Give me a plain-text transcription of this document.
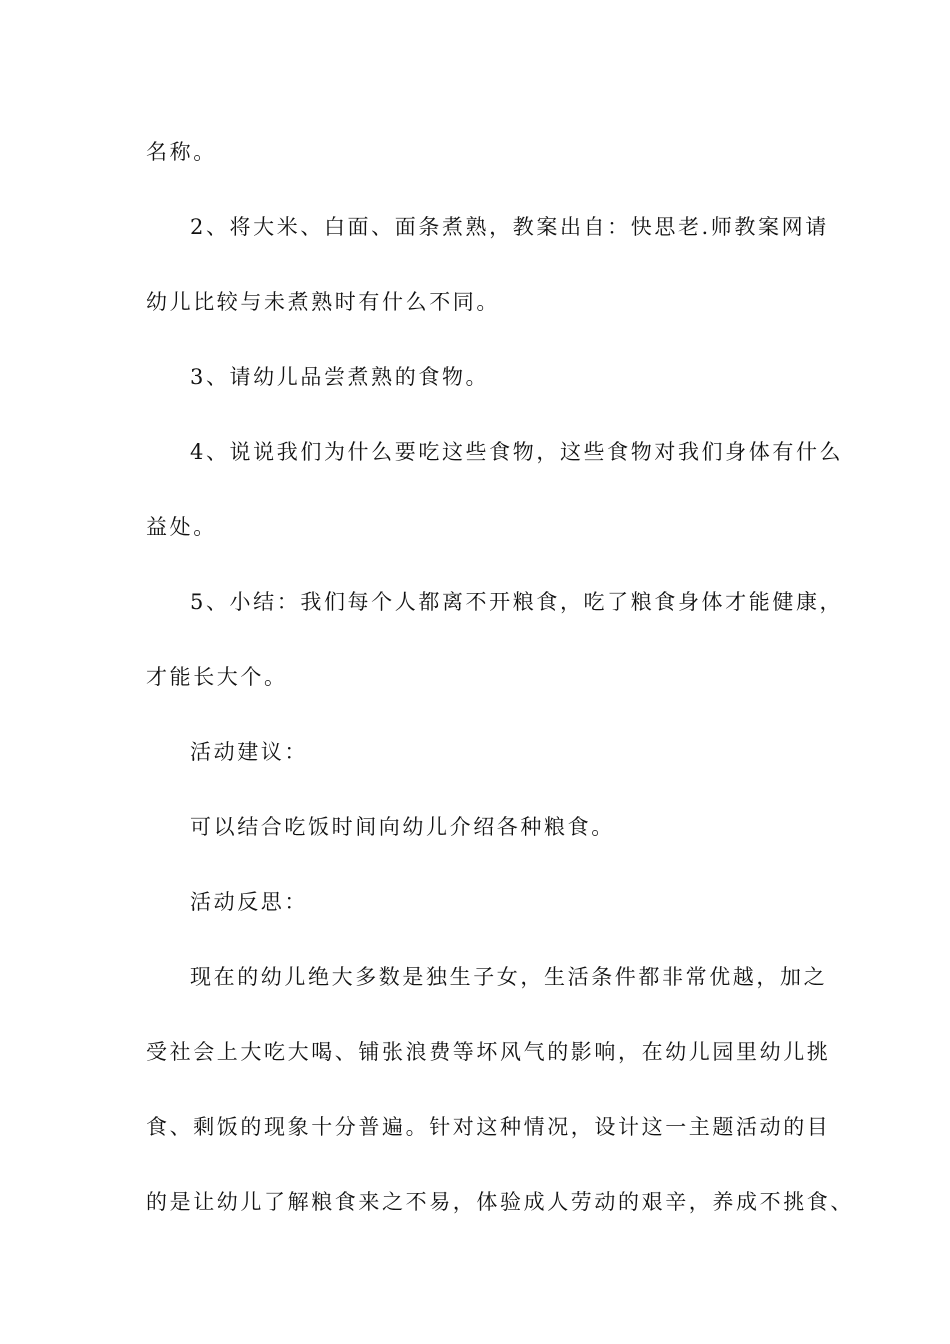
名称。
2、将大米、白面、面条煮熟，教案出自：快思老.师教案网请
幼儿比较与未煮熟时有什么不同。
3、请幼儿品尝煮熟的食物。
4、说说我们为什么要吃这些食物，这些食物对我们身体有什么
益处。
5、小结：我们每个人都离不开粮食，吃了粮食身体才能健康，
才能长大个。
活动建议：
可以结合吃饭时间向幼儿介绍各种粮食。
活动反思：
现在的幼儿绝大多数是独生子女，生活条件都非常优越，加之
受社会上大吃大喝、铺张浪费等坏风气的影响，在幼儿园里幼儿挑
食、剩饭的现象十分普遍。针对这种情况，设计这一主题活动的目
的是让幼儿了解粮食来之不易，体验成人劳动的艰辛，养成不挑食、
